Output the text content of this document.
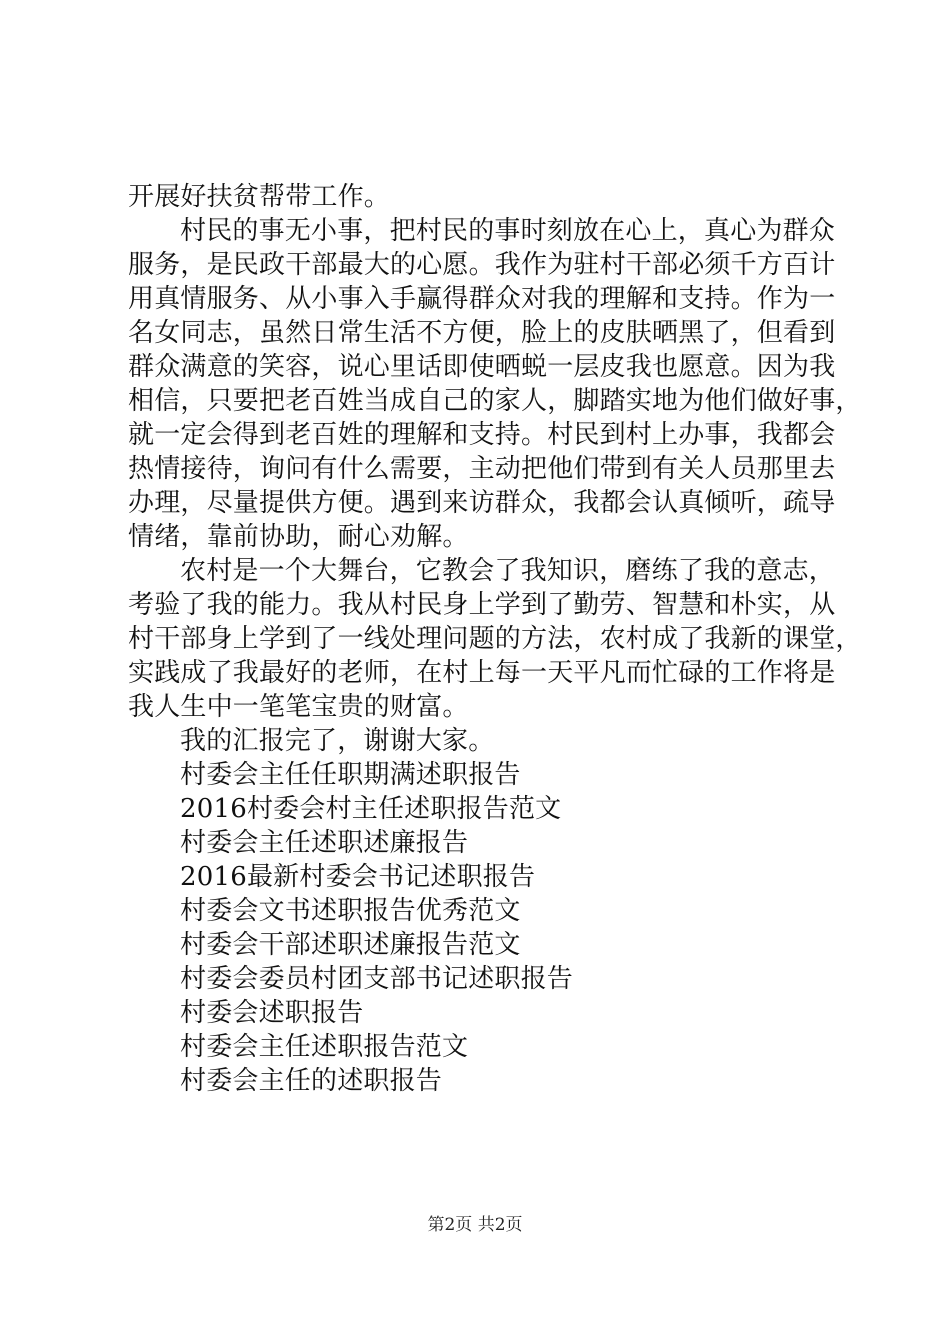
开展好扶贫帮带工作。
村民的事无小事，把村民的事时刻放在心上，真心为群众
服务，是民政干部最大的心愿。我作为驻村干部必须千方百计
用真情服务、从小事入手赢得群众对我的理解和支持。作为一
名女同志，虽然日常生活不方便，脸上的皮肤晒黑了，但看到
群众满意的笑容，说心里话即使晒蜕一层皮我也愿意。因为我
相信，只要把老百姓当成自己的家人，脚踏实地为他们做好事，
就一定会得到老百姓的理解和支持。村民到村上办事，我都会
热情接待，询问有什么需要，主动把他们带到有关人员那里去
办理，尽量提供方便。遇到来访群众，我都会认真倾听，疏导
情绪，靠前协助，耐心劝解。
农村是一个大舞台，它教会了我知识，磨练了我的意志，
考验了我的能力。我从村民身上学到了勤劳、智慧和朴实，从
村干部身上学到了一线处理问题的方法，农村成了我新的课堂，
实践成了我最好的老师，在村上每一天平凡而忙碌的工作将是
我人生中一笔笔宝贵的财富。
我的汇报完了，谢谢大家。
村委会主任任职期满述职报告
2016村委会村主任述职报告范文
村委会主任述职述廉报告
2016最新村委会书记述职报告
村委会文书述职报告优秀范文
村委会干部述职述廉报告范文
村委会委员村团支部书记述职报告
村委会述职报告
村委会主任述职报告范文
村委会主任的述职报告
第2页 共2页
